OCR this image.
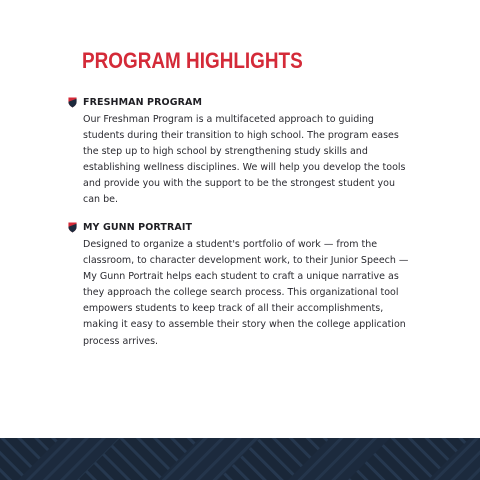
PROGRAM HIGHLIGHTS
FRESHMAN PROGRAM

Our Freshman Program is a multifaceted approach to guiding students during their transition to high school. The program eases the step up to high school by strengthening study skills and establishing wellness disciplines. We will help you develop the tools and provide you with the support to be the strongest student you can be.

MY GUNN PORTRAIT

Designed to organize a student's portfolio of work — from the classroom, to character development work, to their Junior Speech — My Gunn Portrait helps each student to craft a unique narrative as they approach the college search process. This organizational tool empowers students to keep track of all their accomplishments, making it easy to assemble their story when the college application process arrives.
